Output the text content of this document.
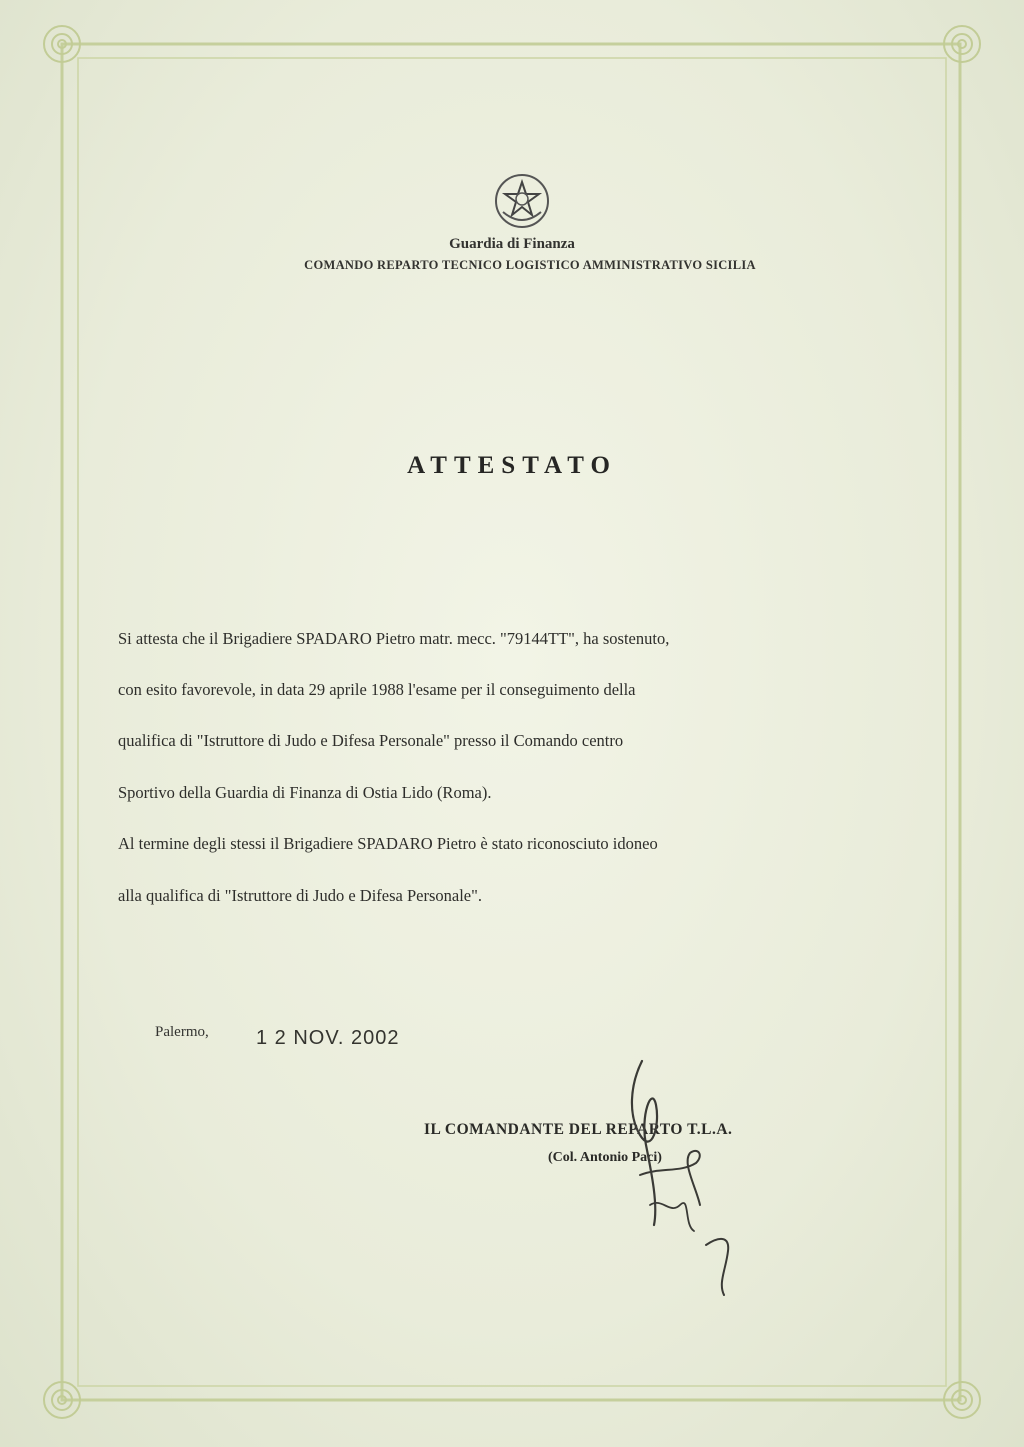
Guardia di Finanza
COMANDO REPARTO TECNICO LOGISTICO AMMINISTRATIVO SICILIA
ATTESTATO
Si attesta che il Brigadiere SPADARO Pietro matr. mecc. "79144TT", ha sostenuto,
con esito favorevole, in data 29 aprile 1988 l'esame per il conseguimento della
qualifica di "Istruttore di Judo e Difesa Personale" presso il Comando centro
Sportivo della Guardia di Finanza di Ostia Lido (Roma).
Al termine degli stessi il Brigadiere SPADARO Pietro è stato riconosciuto idoneo
alla qualifica di "Istruttore di Judo e Difesa Personale".
Palermo, 1 2 NOV. 2002
IL COMANDANTE DEL REPARTO T.L.A.
(Col. Antonio Paci)
